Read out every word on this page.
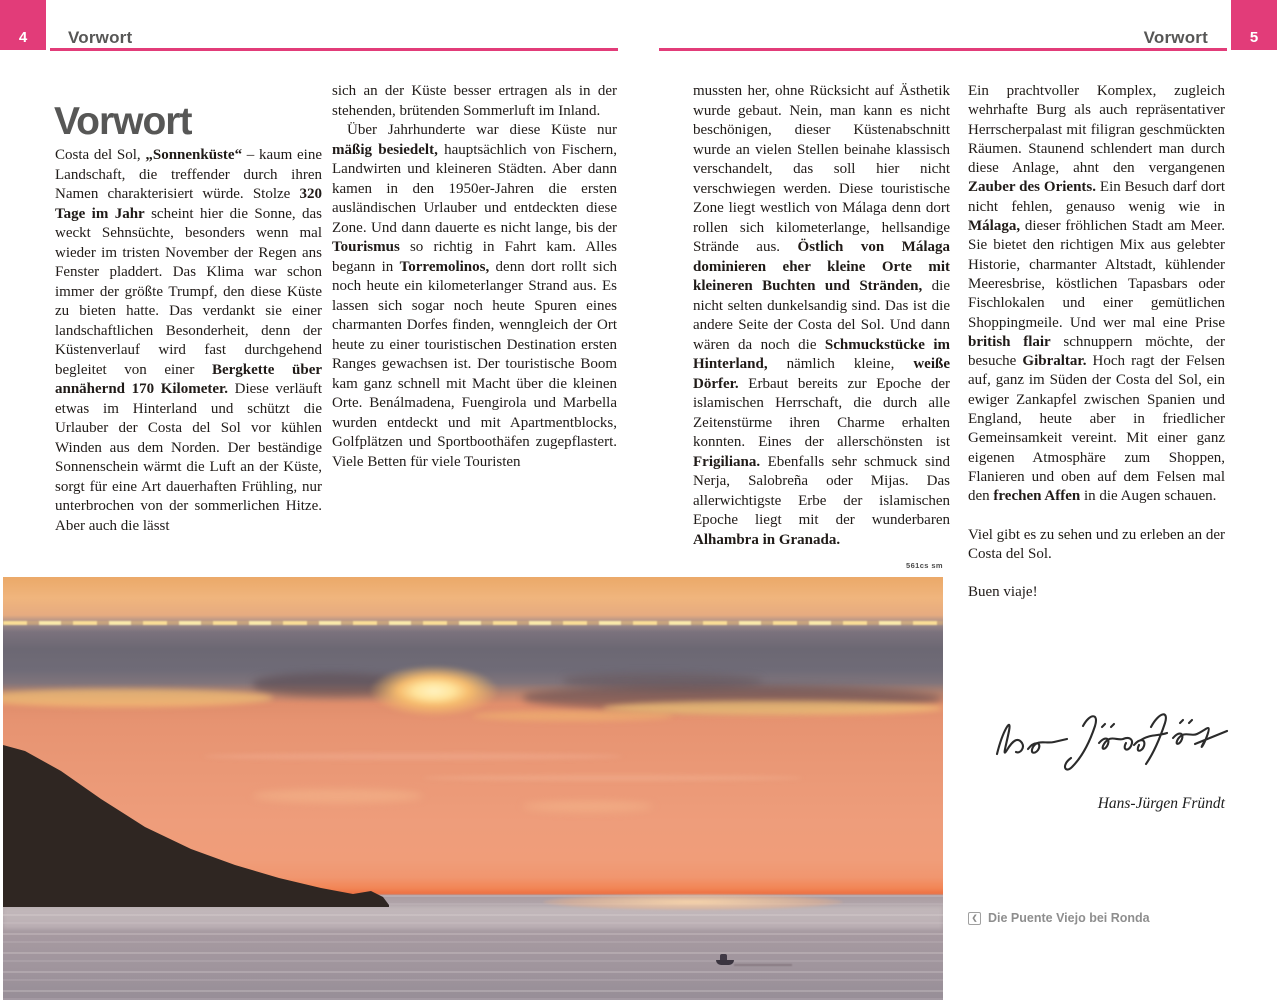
4 Vorwort	Vorwort	5
Vorwort

Costa del Sol, „Sonnenküste“ – kaum eine Landschaft, die treffender durch ihren Namen charakterisiert würde. Stolze 320 Tage im Jahr scheint hier die Sonne, das weckt Sehnsüchte, besonders wenn mal wieder im tristen November der Regen ans Fenster pladdert. Das Klima war schon immer der größte Trumpf, den diese Küste zu bieten hatte. Das verdankt sie einer landschaftlichen Besonderheit, denn der Küstenverlauf wird fast durchgehend begleitet von einer Bergkette über annähernd 170 Kilometer. Diese verläuft etwas im Hinterland und schützt die Urlauber der Costa del Sol vor kühlen Winden aus dem Norden. Der beständige Sonnenschein wärmt die Luft an der Küste, sorgt für eine Art dauerhaften Frühling, nur unterbrochen von der sommerlichen Hitze. Aber auch die lässt

sich an der Küste besser ertragen als in der stehenden, brütenden Sommerluft im Inland.

Über Jahrhunderte war diese Küste nur mäßig besiedelt, hauptsächlich von Fischern, Landwirten und kleineren Städten. Aber dann kamen in den 1950er-Jahren die ersten ausländischen Urlauber und entdeckten diese Zone. Und dann dauerte es nicht lange, bis der Tourismus so richtig in Fahrt kam. Alles begann in Torremolinos, denn dort rollt sich noch heute ein kilometerlanger Strand aus. Es lassen sich sogar noch heute Spuren eines charmanten Dorfes finden, wenngleich der Ort heute zu einer touristischen Destination ersten Ranges gewachsen ist. Der touristische Boom kam ganz schnell mit Macht über die kleinen Orte. Benálmadena, Fuengirola und Marbella wurden entdeckt und mit Apartmentblocks, Golfplätzen und Sportboothäfen zugepflastert. Viele Betten für viele Touristen

mussten her, ohne Rücksicht auf Ästhetik wurde gebaut. Nein, man kann es nicht beschönigen, dieser Küstenabschnitt wurde an vielen Stellen beinahe klassisch verschandelt, das soll hier nicht verschwiegen werden. Diese touristische Zone liegt westlich von Málaga denn dort rollen sich kilometerlange, hellsandige Strände aus. Östlich von Málaga dominieren eher kleine Orte mit kleineren Buchten und Stränden, die nicht selten dunkelsandig sind. Das ist die andere Seite der Costa del Sol. Und dann wären da noch die Schmuckstücke im Hinterland, nämlich kleine, weiße Dörfer. Erbaut bereits zur Epoche der islamischen Herrschaft, die durch alle Zeitenstürme ihren Charme erhalten konnten. Eines der allerschönsten ist Frigiliana. Ebenfalls sehr schmuck sind Nerja, Salobreña oder Mijas. Das allerwichtigste Erbe der islamischen Epoche liegt mit der wunderbaren Alhambra in Granada.

Ein prachtvoller Komplex, zugleich wehrhafte Burg als auch repräsentativer Herrscherpalast mit filigran geschmückten Räumen. Staunend schlendert man durch diese Anlage, ahnt den vergangenen Zauber des Orients. Ein Besuch darf dort nicht fehlen, genauso wenig wie in Málaga, dieser fröhlichen Stadt am Meer. Sie bietet den richtigen Mix aus gelebter Historie, charmanter Altstadt, kühlender Meeresbrise, köstlichen Tapasbars oder Fischlokalen und einer gemütlichen Shoppingmeile. Und wer mal eine Prise british flair schnuppern möchte, der besuche Gibraltar. Hoch ragt der Felsen auf, ganz im Süden der Costa del Sol, ein ewiger Zankapfel zwischen Spanien und England, heute aber in friedlicher Gemeinsamkeit vereint. Mit einer ganz eigenen Atmosphäre zum Shoppen, Flanieren und oben auf dem Felsen mal den frechen Affen in die Augen schauen.

Viel gibt es zu sehen und zu erleben an der Costa del Sol.

Buen viaje!

561cs sm
Hans-Jürgen Fründt
❮ Die Puente Viejo bei Ronda
